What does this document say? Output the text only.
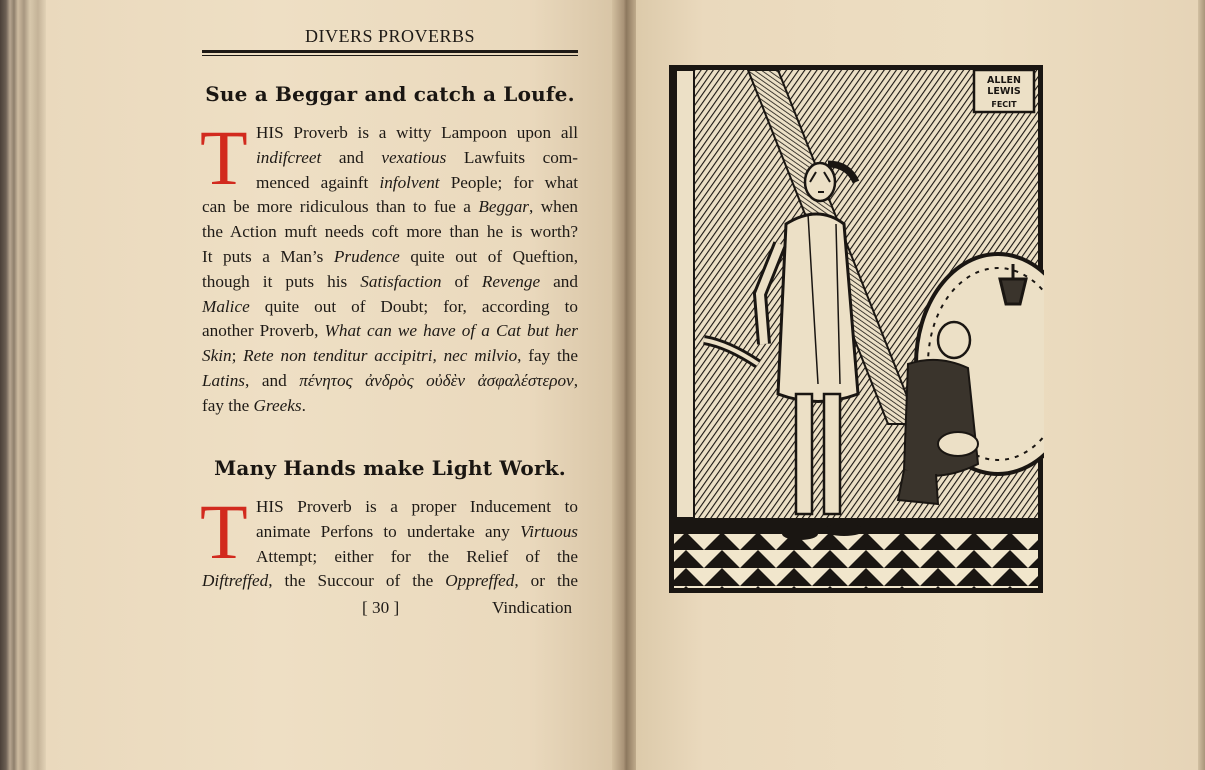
DIVERS PROVERBS
Sue a Beggar and catch a Loufe.
T HIS Proverb is a witty Lampoon upon all
indifcreet and vexatious Lawfuits com-
menced againft infolvent People; for what
can be more ridiculous than to fue a Beggar, when
the Action muft needs coft more than he is worth?
It puts a Man’s Prudence quite out of Queftion,
though it puts his Satisfaction of Revenge and
Malice quite out of Doubt; for, according to
another Proverb, What can we have of a Cat but her
Skin; Rete non tenditur accipitri, nec milvio, fay the
Latins, and πένητος ἀνδρὸς οὐδὲν ἀσφαλέστερον,
fay the Greeks.
Many Hands make Light Work.
T HIS Proverb is a proper Inducement to
animate Perfons to undertake any Virtuous
Attempt; either for the Relief of the
Diftreffed, the Succour of the Oppreffed, or the
[ 30 ]	Vindication
ALLEN
LEWIS
FECIT
